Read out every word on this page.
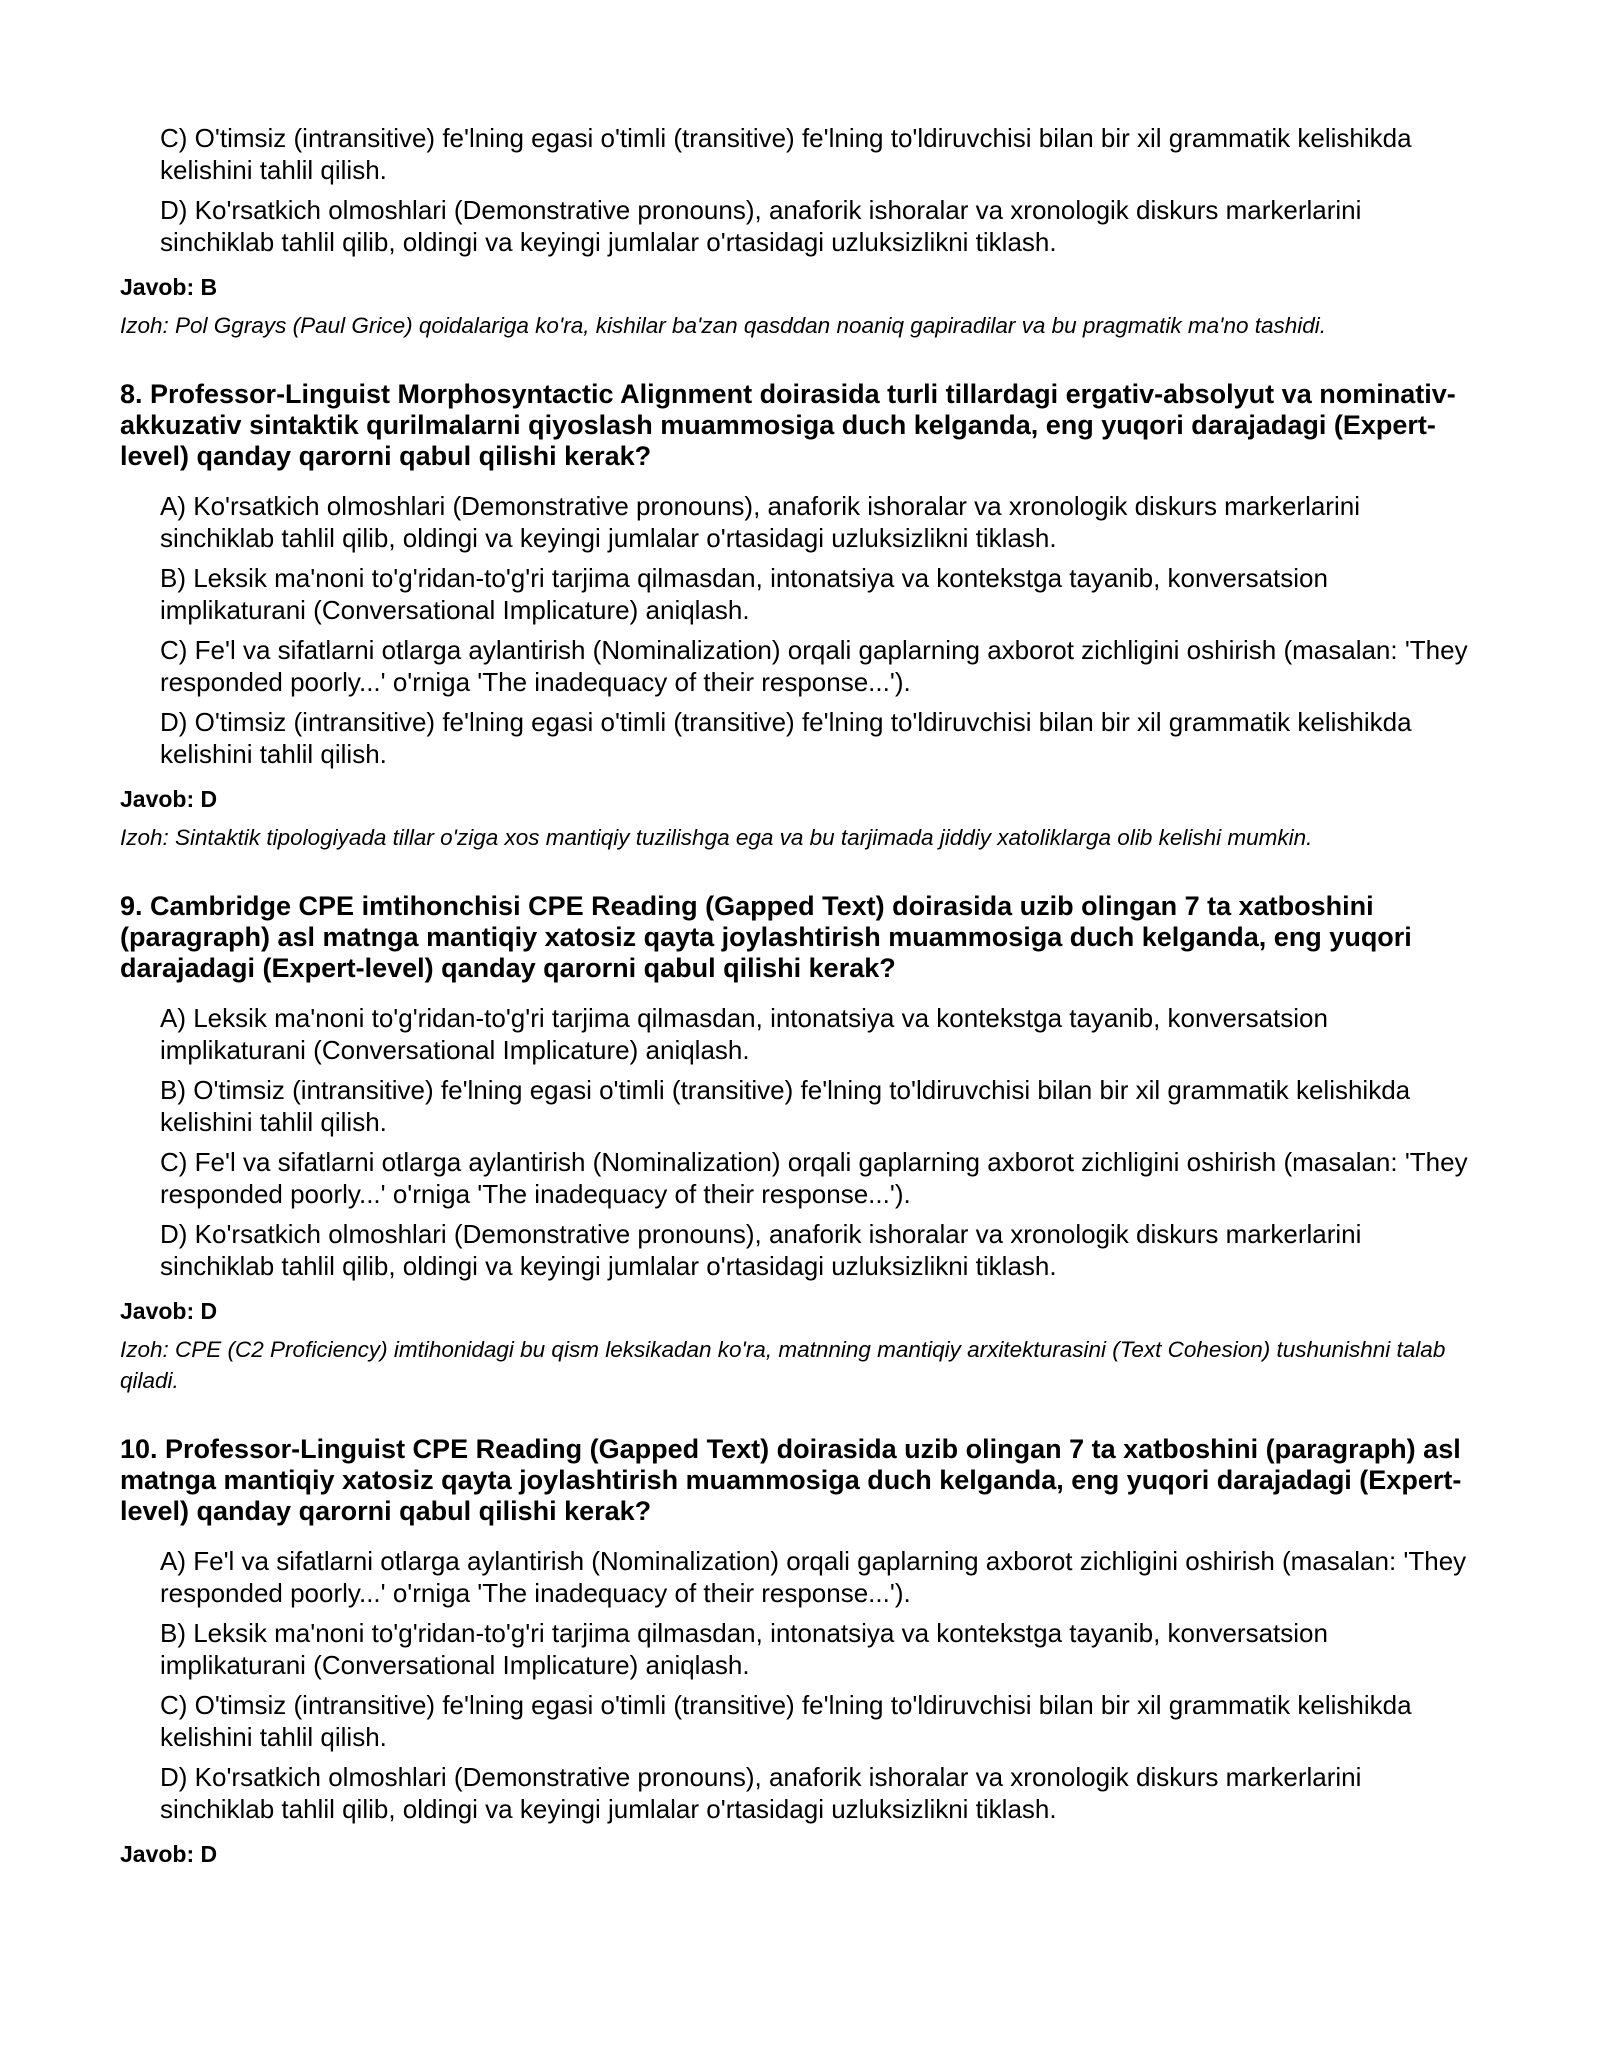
C) O'timsiz (intransitive) fe'lning egasi o'timli (transitive) fe'lning to'ldiruvchisi bilan bir xil grammatik kelishikda kelishini tahlil qilish.
D) Ko'rsatkich olmoshlari (Demonstrative pronouns), anaforik ishoralar va xronologik diskurs markerlarini sinchiklab tahlil qilib, oldingi va keyingi jumlalar o'rtasidagi uzluksizlikni tiklash.
Javob: B
Izoh: Pol Ggrays (Paul Grice) qoidalariga ko'ra, kishilar ba'zan qasddan noaniq gapiradilar va bu pragmatik ma'no tashidi.
8. Professor-Linguist Morphosyntactic Alignment doirasida turli tillardagi ergativ-absolyut va nominativ-akkuzativ sintaktik qurilmalarni qiyoslash muammosiga duch kelganda, eng yuqori darajadagi (Expert-level) qanday qarorni qabul qilishi kerak?
A) Ko'rsatkich olmoshlari (Demonstrative pronouns), anaforik ishoralar va xronologik diskurs markerlarini sinchiklab tahlil qilib, oldingi va keyingi jumlalar o'rtasidagi uzluksizlikni tiklash.
B) Leksik ma'noni to'g'ridan-to'g'ri tarjima qilmasdan, intonatsiya va kontekstga tayanib, konversatsion implikaturani (Conversational Implicature) aniqlash.
C) Fe'l va sifatlarni otlarga aylantirish (Nominalization) orqali gaplarning axborot zichligini oshirish (masalan: 'They responded poorly...' o'rniga 'The inadequacy of their response...').
D) O'timsiz (intransitive) fe'lning egasi o'timli (transitive) fe'lning to'ldiruvchisi bilan bir xil grammatik kelishikda kelishini tahlil qilish.
Javob: D
Izoh: Sintaktik tipologiyada tillar o'ziga xos mantiqiy tuzilishga ega va bu tarjimada jiddiy xatoliklarga olib kelishi mumkin.
9. Cambridge CPE imtihonchisi CPE Reading (Gapped Text) doirasida uzib olingan 7 ta xatboshini (paragraph) asl matnga mantiqiy xatosiz qayta joylashtirish muammosiga duch kelganda, eng yuqori darajadagi (Expert-level) qanday qarorni qabul qilishi kerak?
A) Leksik ma'noni to'g'ridan-to'g'ri tarjima qilmasdan, intonatsiya va kontekstga tayanib, konversatsion implikaturani (Conversational Implicature) aniqlash.
B) O'timsiz (intransitive) fe'lning egasi o'timli (transitive) fe'lning to'ldiruvchisi bilan bir xil grammatik kelishikda kelishini tahlil qilish.
C) Fe'l va sifatlarni otlarga aylantirish (Nominalization) orqali gaplarning axborot zichligini oshirish (masalan: 'They responded poorly...' o'rniga 'The inadequacy of their response...').
D) Ko'rsatkich olmoshlari (Demonstrative pronouns), anaforik ishoralar va xronologik diskurs markerlarini sinchiklab tahlil qilib, oldingi va keyingi jumlalar o'rtasidagi uzluksizlikni tiklash.
Javob: D
Izoh: CPE (C2 Proficiency) imtihonidagi bu qism leksikadan ko'ra, matnning mantiqiy arxitekturasini (Text Cohesion) tushunishni talab qiladi.
10. Professor-Linguist CPE Reading (Gapped Text) doirasida uzib olingan 7 ta xatboshini (paragraph) asl matnga mantiqiy xatosiz qayta joylashtirish muammosiga duch kelganda, eng yuqori darajadagi (Expert-level) qanday qarorni qabul qilishi kerak?
A) Fe'l va sifatlarni otlarga aylantirish (Nominalization) orqali gaplarning axborot zichligini oshirish (masalan: 'They responded poorly...' o'rniga 'The inadequacy of their response...').
B) Leksik ma'noni to'g'ridan-to'g'ri tarjima qilmasdan, intonatsiya va kontekstga tayanib, konversatsion implikaturani (Conversational Implicature) aniqlash.
C) O'timsiz (intransitive) fe'lning egasi o'timli (transitive) fe'lning to'ldiruvchisi bilan bir xil grammatik kelishikda kelishini tahlil qilish.
D) Ko'rsatkich olmoshlari (Demonstrative pronouns), anaforik ishoralar va xronologik diskurs markerlarini sinchiklab tahlil qilib, oldingi va keyingi jumlalar o'rtasidagi uzluksizlikni tiklash.
Javob: D
